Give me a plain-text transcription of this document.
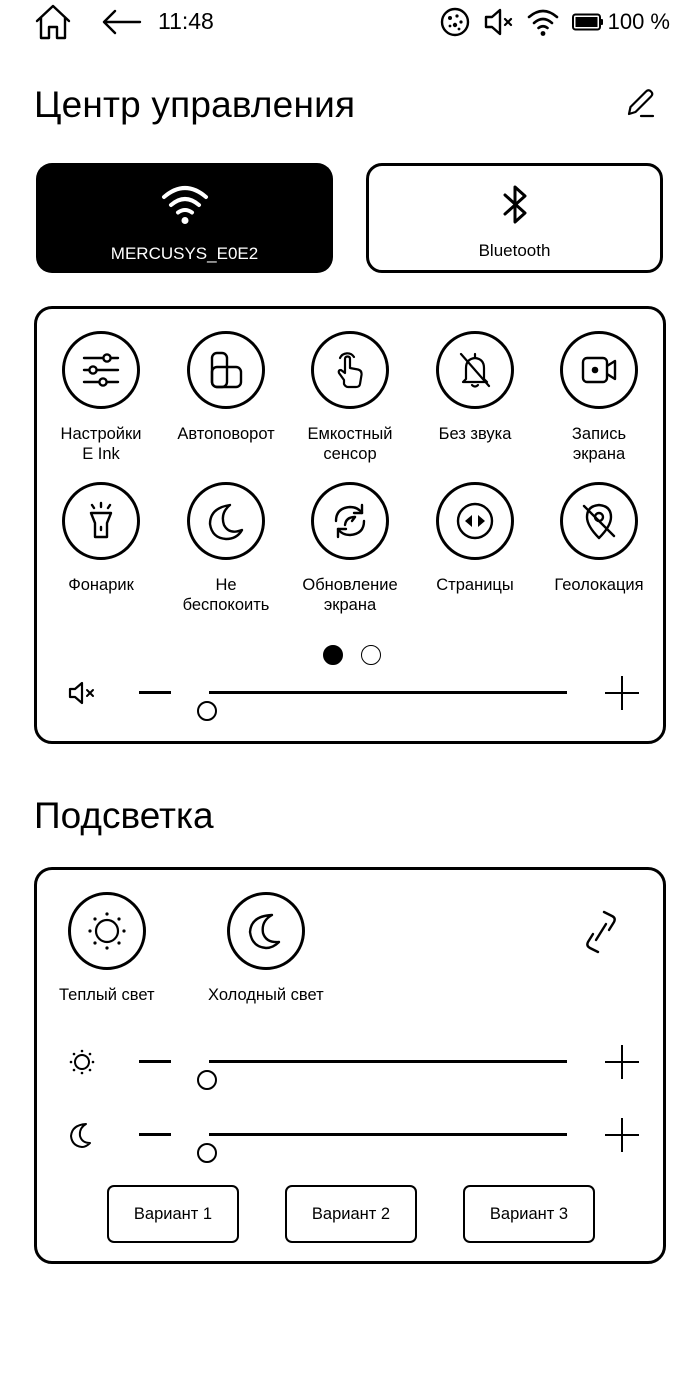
11:48	100 %
Центр управления
MERCUSYS_E0E2	Bluetooth
Настройки
E Ink
Автоповорот	Емкостный
сенсор
Без звука	Запись
экрана
Фонарик	Не
беспокоить
Обновление
экрана
Страницы	Геолокация
Подсветка
Теплый свет	Холодный свет
Вариант 1	Вариант 2	Вариант 3
